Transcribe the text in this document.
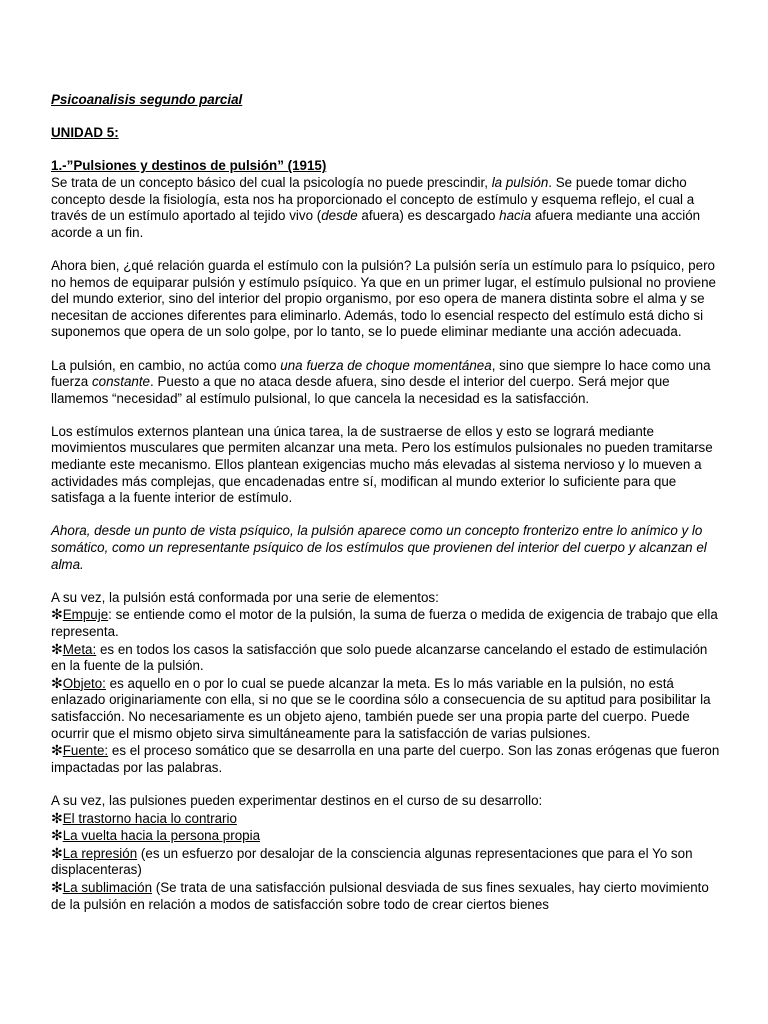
Psicoanalisis segundo parcial
UNIDAD 5:
1.-”Pulsiones y destinos de pulsión” (1915)

Se trata de un concepto básico del cual la psicología no puede prescindir, la pulsión. Se puede tomar dicho concepto desde la fisiología, esta nos ha proporcionado el concepto de estímulo y esquema reflejo, el cual a través de un estímulo aportado al tejido vivo (desde afuera) es descargado hacia afuera mediante una acción acorde a un fin.

Ahora bien, ¿qué relación guarda el estímulo con la pulsión? La pulsión sería un estímulo para lo psíquico, pero no hemos de equiparar pulsión y estímulo psíquico. Ya que en un primer lugar, el estímulo pulsional no proviene del mundo exterior, sino del interior del propio organismo, por eso opera de manera distinta sobre el alma y se necesitan de acciones diferentes para eliminarlo. Además, todo lo esencial respecto del estímulo está dicho si suponemos que opera de un solo golpe, por lo tanto, se lo puede eliminar mediante una acción adecuada.

La pulsión, en cambio, no actúa como una fuerza de choque momentánea, sino que siempre lo hace como una fuerza constante. Puesto a que no ataca desde afuera, sino desde el interior del cuerpo. Será mejor que llamemos “necesidad” al estímulo pulsional, lo que cancela la necesidad es la satisfacción.

Los estímulos externos plantean una única tarea, la de sustraerse de ellos y esto se logrará mediante movimientos musculares que permiten alcanzar una meta. Pero los estímulos pulsionales no pueden tramitarse mediante este mecanismo. Ellos plantean exigencias mucho más elevadas al sistema nervioso y lo mueven a actividades más complejas, que encadenadas entre sí, modifican al mundo exterior lo suficiente para que satisfaga a la fuente interior de estímulo.

Ahora, desde un punto de vista psíquico, la pulsión aparece como un concepto fronterizo entre lo anímico y lo somático, como un representante psíquico de los estímulos que provienen del interior del cuerpo y alcanzan el alma.

A su vez, la pulsión está conformada por una serie de elementos:
✻Empuje: se entiende como el motor de la pulsión, la suma de fuerza o medida de exigencia de trabajo que ella representa.
✻Meta: es en todos los casos la satisfacción que solo puede alcanzarse cancelando el estado de estimulación en la fuente de la pulsión.
✻Objeto: es aquello en o por lo cual se puede alcanzar la meta. Es lo más variable en la pulsión, no está enlazado originariamente con ella, si no que se le coordina sólo a consecuencia de su aptitud para posibilitar la satisfacción. No necesariamente es un objeto ajeno, también puede ser una propia parte del cuerpo. Puede ocurrir que el mismo objeto sirva simultáneamente para la satisfacción de varias pulsiones.
✻Fuente: es el proceso somático que se desarrolla en una parte del cuerpo. Son las zonas erógenas que fueron impactadas por las palabras.
A su vez, las pulsiones pueden experimentar destinos en el curso de su desarrollo:
✻El trastorno hacia lo contrario
✻La vuelta hacia la persona propia
✻La represión (es un esfuerzo por desalojar de la consciencia algunas representaciones que para el Yo son displacenteras)
✻La sublimación (Se trata de una satisfacción pulsional desviada de sus fines sexuales, hay cierto movimiento de la pulsión en relación a modos de satisfacción sobre todo de crear ciertos bienes
